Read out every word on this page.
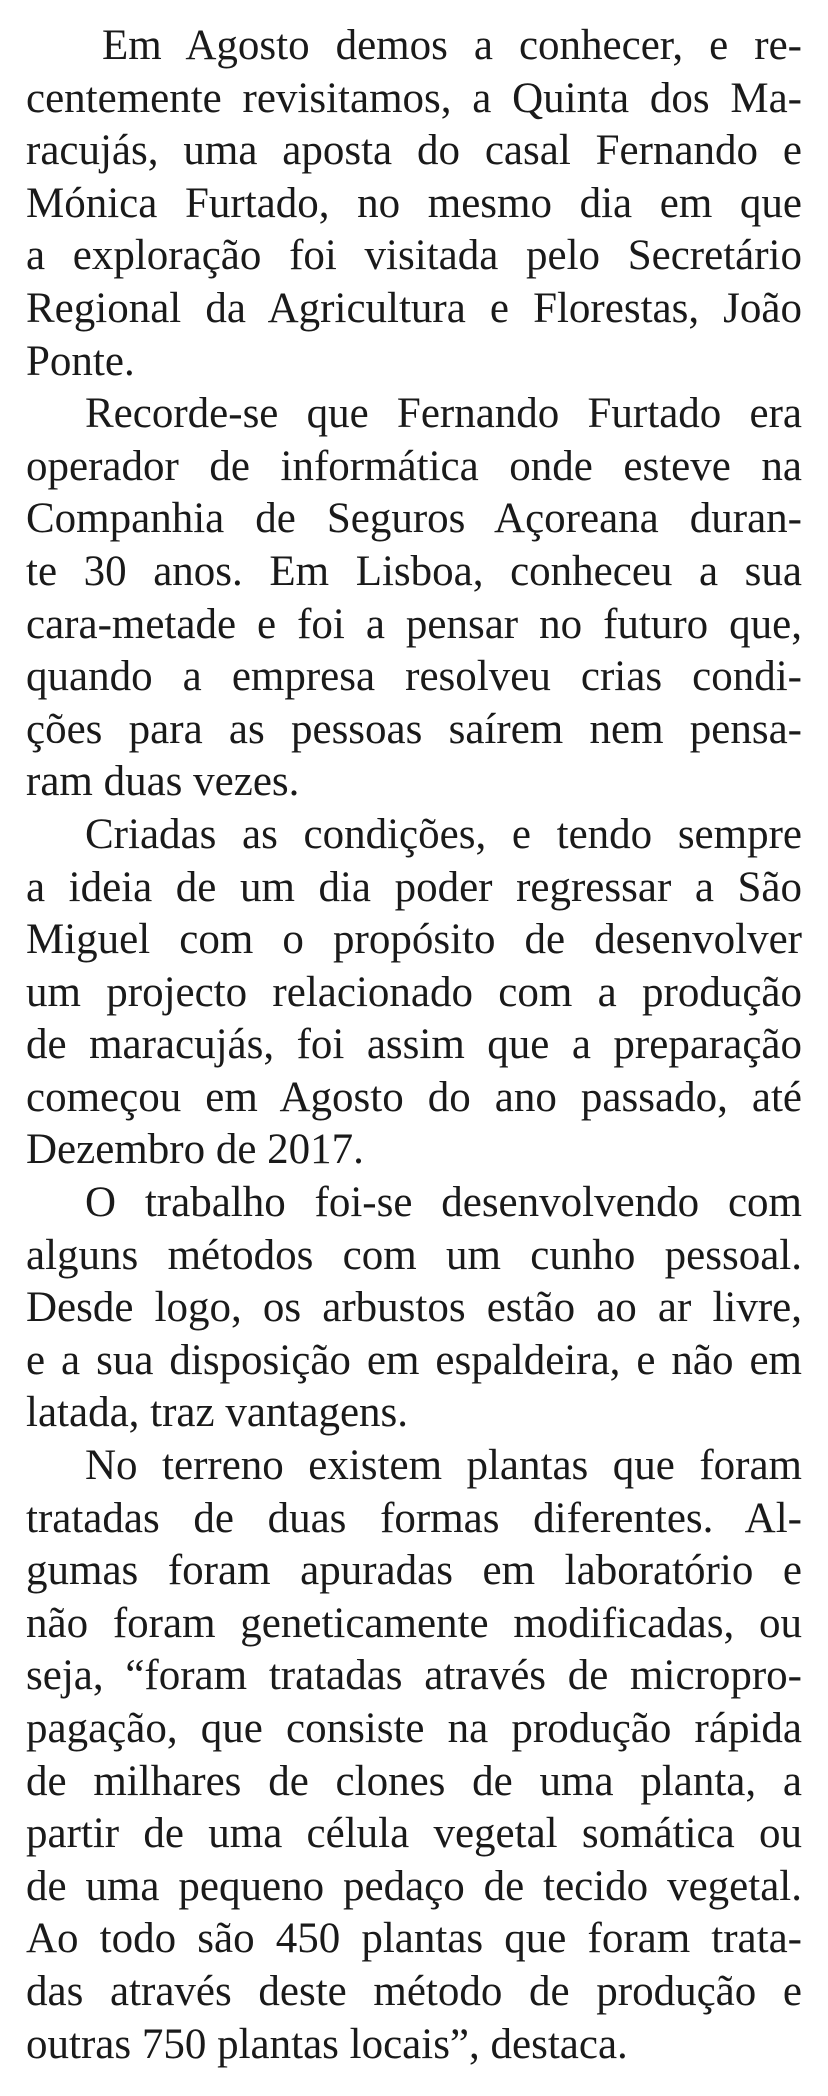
Em Agosto demos a conhecer, e re-
centemente revisitamos, a Quinta dos Ma-
racujás, uma aposta do casal Fernando e
Mónica Furtado, no mesmo dia em que
a exploração foi visitada pelo Secretário
Regional da Agricultura e Florestas, João
Ponte.
Recorde-se que Fernando Furtado era
operador de informática onde esteve na
Companhia de Seguros Açoreana duran-
te 30 anos. Em Lisboa, conheceu a sua
cara-metade e foi a pensar no futuro que,
quando a empresa resolveu crias condi-
ções para as pessoas saírem nem pensa-
ram duas vezes.
Criadas as condições, e tendo sempre
a ideia de um dia poder regressar a São
Miguel com o propósito de desenvolver
um projecto relacionado com a produção
de maracujás, foi assim que a preparação
começou em Agosto do ano passado, até
Dezembro de 2017.
O trabalho foi-se desenvolvendo com
alguns métodos com um cunho pessoal.
Desde logo, os arbustos estão ao ar livre,
e a sua disposição em espaldeira, e não em
latada, traz vantagens.
No terreno existem plantas que foram
tratadas de duas formas diferentes. Al-
gumas foram apuradas em laboratório e
não foram geneticamente modificadas, ou
seja, “foram tratadas através de micropro-
pagação, que consiste na produção rápida
de milhares de clones de uma planta, a
partir de uma célula vegetal somática ou
de uma pequeno pedaço de tecido vegetal.
Ao todo são 450 plantas que foram trata-
das através deste método de produção e
outras 750 plantas locais”, destaca.
